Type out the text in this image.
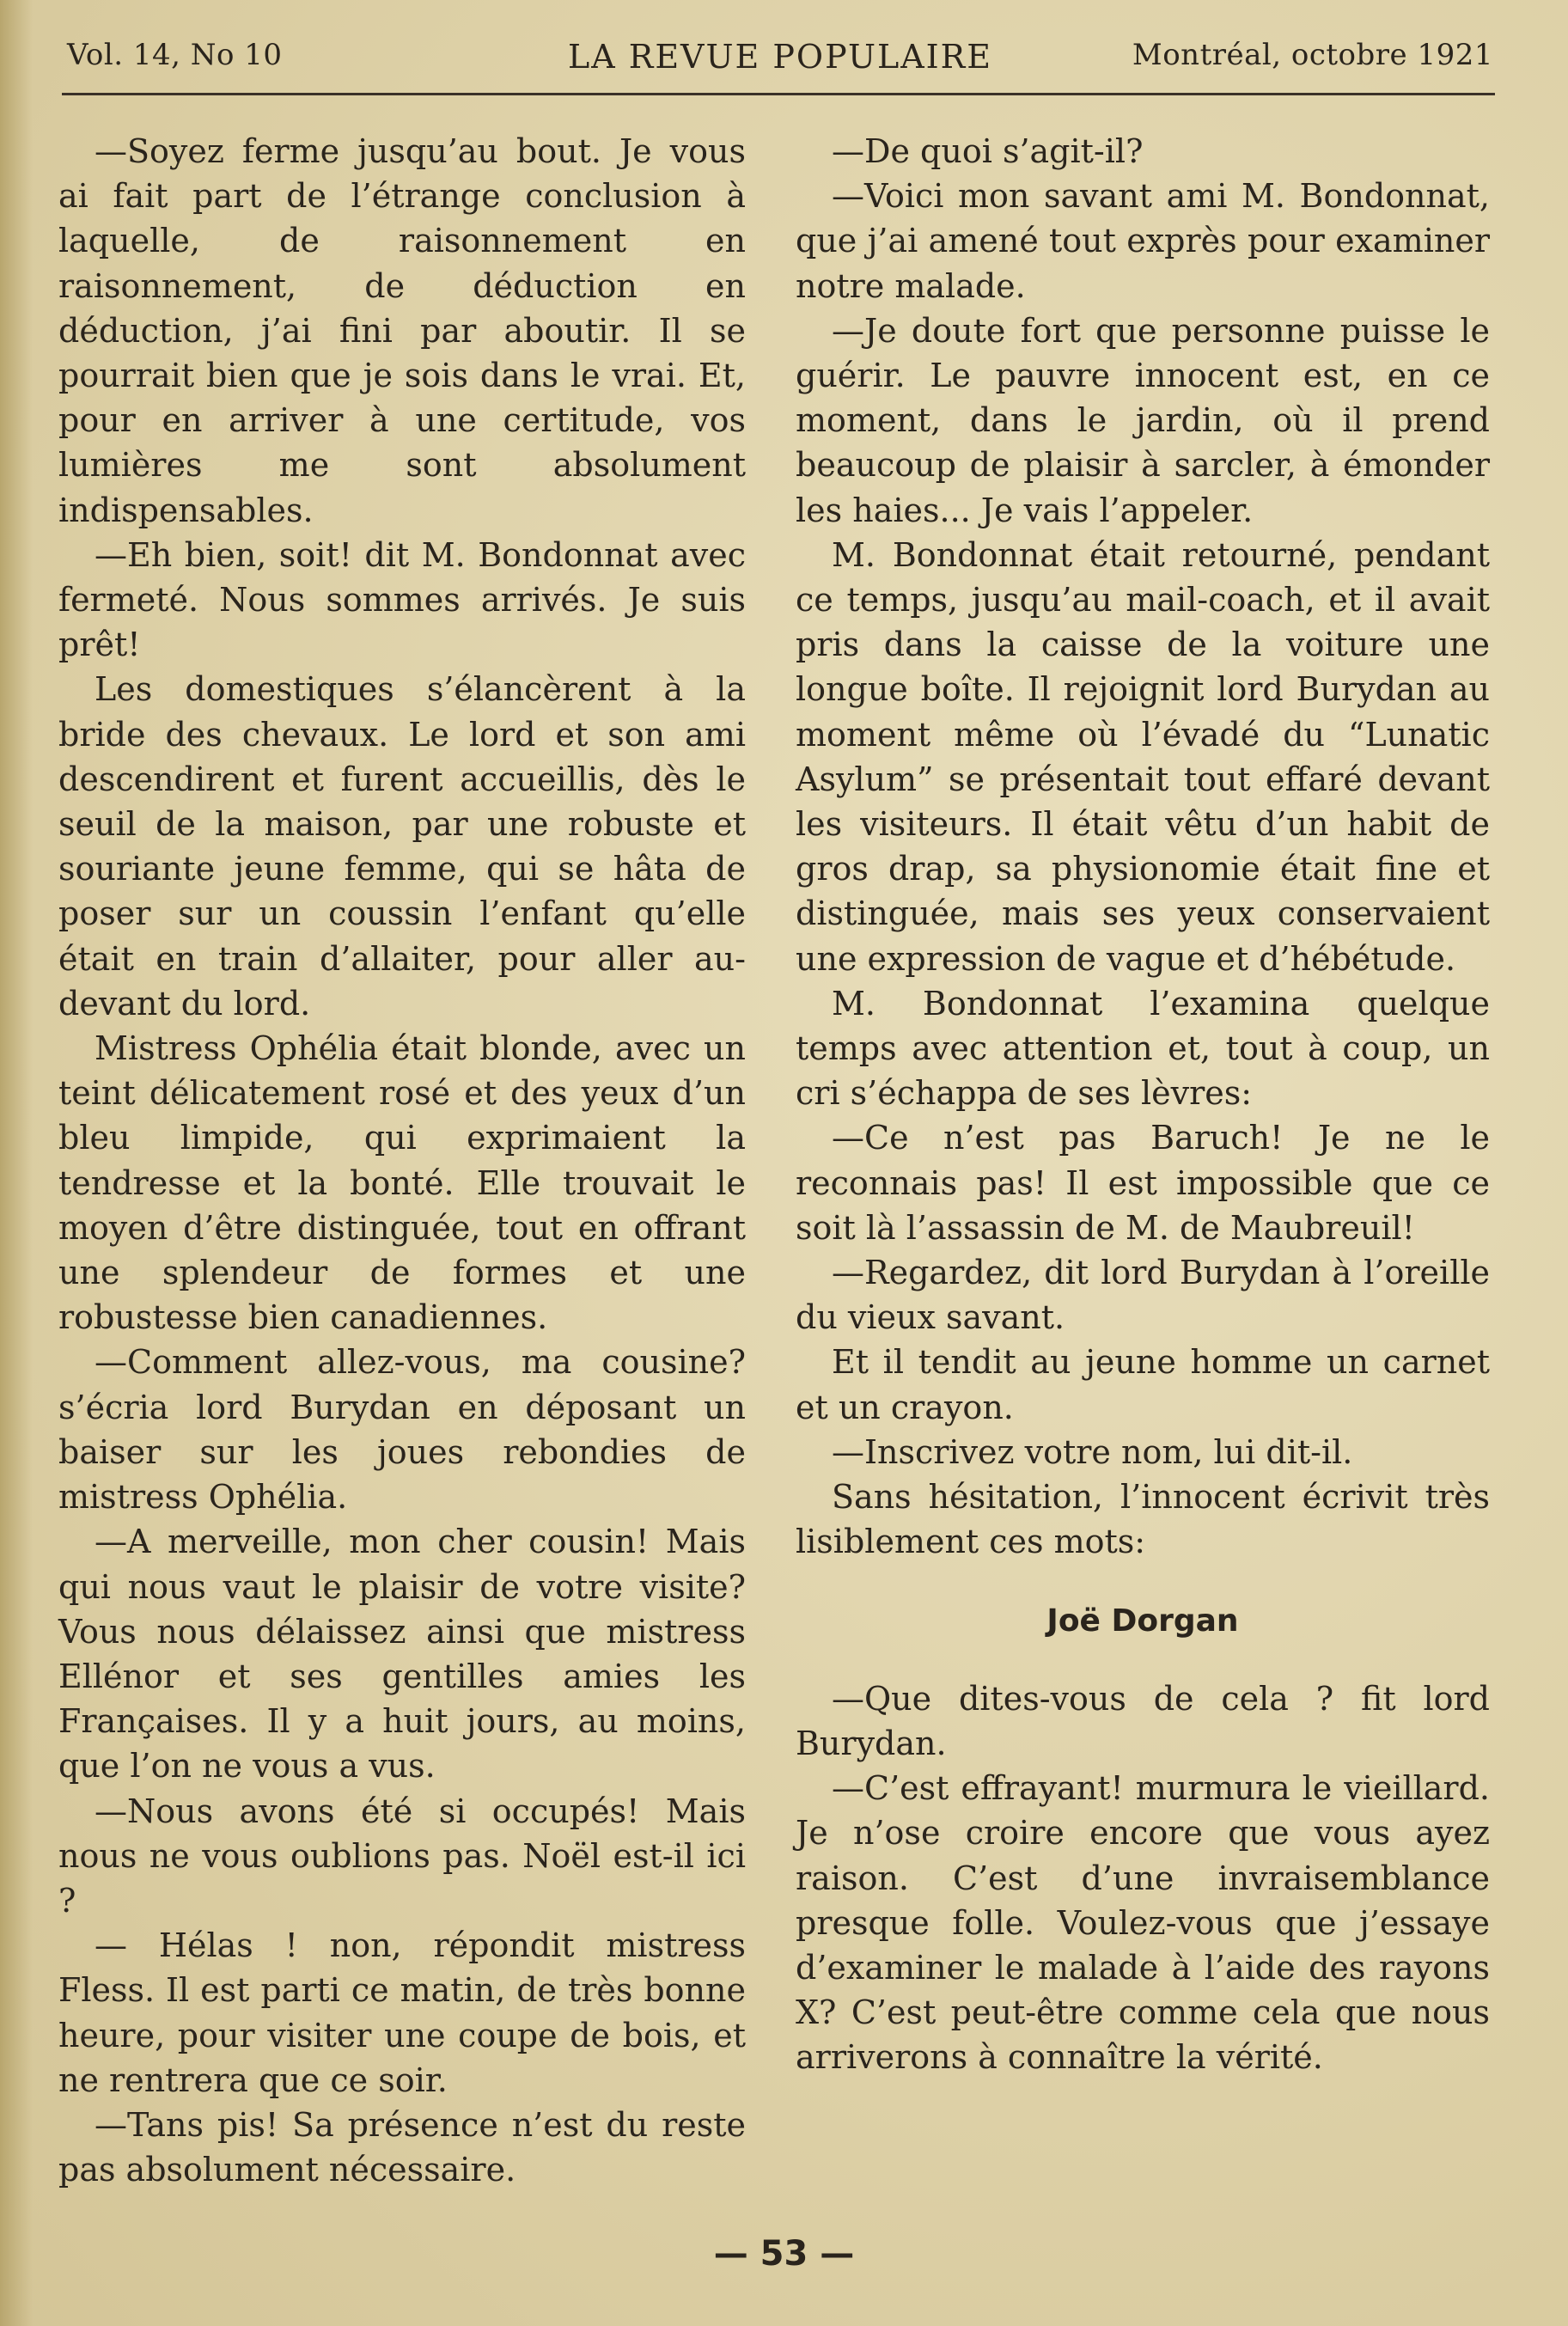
Vol. 14, No 10	LA REVUE POPULAIRE	Montréal, octobre 1921

—Soyez ferme jusqu’au bout. Je vous ai fait part de l’étrange conclusion à laquelle, de raisonnement en raisonnement, de déduction en déduction, j’ai fini par aboutir. Il se pourrait bien que je sois dans le vrai. Et, pour en arriver à une certitude, vos lumières me sont absolument indispensables.

—Eh bien, soit! dit M. Bondonnat avec fermeté. Nous sommes arrivés. Je suis prêt!

Les domestiques s’élancèrent à la bride des chevaux. Le lord et son ami descendirent et furent accueillis, dès le seuil de la maison, par une robuste et souriante jeune femme, qui se hâta de poser sur un coussin l’enfant qu’elle était en train d’allaiter, pour aller au-devant du lord.

Mistress Ophélia était blonde, avec un teint délicatement rosé et des yeux d’un bleu limpide, qui exprimaient la tendresse et la bonté. Elle trouvait le moyen d’être distinguée, tout en offrant une splendeur de formes et une robustesse bien canadiennes.

—Comment allez-vous, ma cousine? s’écria lord Burydan en déposant un baiser sur les joues rebondies de mistress Ophélia.

—A merveille, mon cher cousin! Mais qui nous vaut le plaisir de votre visite? Vous nous délaissez ainsi que mistress Ellénor et ses gentilles amies les Françaises. Il y a huit jours, au moins, que l’on ne vous a vus.

—Nous avons été si occupés! Mais nous ne vous oublions pas. Noël est-il ici ?

— Hélas ! non, répondit mistress Fless. Il est parti ce matin, de très bonne heure, pour visiter une coupe de bois, et ne rentrera que ce soir.

—Tans pis! Sa présence n’est du reste pas absolument nécessaire.

—De quoi s’agit-il?

—Voici mon savant ami M. Bondonnat, que j’ai amené tout exprès pour examiner notre malade.

—Je doute fort que personne puisse le guérir. Le pauvre innocent est, en ce moment, dans le jardin, où il prend beaucoup de plaisir à sarcler, à émonder les haies... Je vais l’appeler.

M. Bondonnat était retourné, pendant ce temps, jusqu’au mail-coach, et il avait pris dans la caisse de la voiture une longue boîte. Il rejoignit lord Burydan au moment même où l’évadé du “Lunatic Asylum” se présentait tout effaré devant les visiteurs. Il était vêtu d’un habit de gros drap, sa physionomie était fine et distinguée, mais ses yeux conservaient une expression de vague et d’hébétude.

M. Bondonnat l’examina quelque temps avec attention et, tout à coup, un cri s’échappa de ses lèvres:

—Ce n’est pas Baruch! Je ne le reconnais pas! Il est impossible que ce soit là l’assassin de M. de Maubreuil!

—Regardez, dit lord Burydan à l’oreille du vieux savant.

Et il tendit au jeune homme un carnet et un crayon.

—Inscrivez votre nom, lui dit-il.

Sans hésitation, l’innocent écrivit très lisiblement ces mots:

Joë Dorgan

—Que dites-vous de cela ? fit lord Burydan.

—C’est effrayant! murmura le vieillard. Je n’ose croire encore que vous ayez raison. C’est d’une invraisemblance presque folle. Voulez-vous que j’essaye d’examiner le malade à l’aide des rayons X? C’est peut-être comme cela que nous arriverons à connaître la vérité.

— 53 —
